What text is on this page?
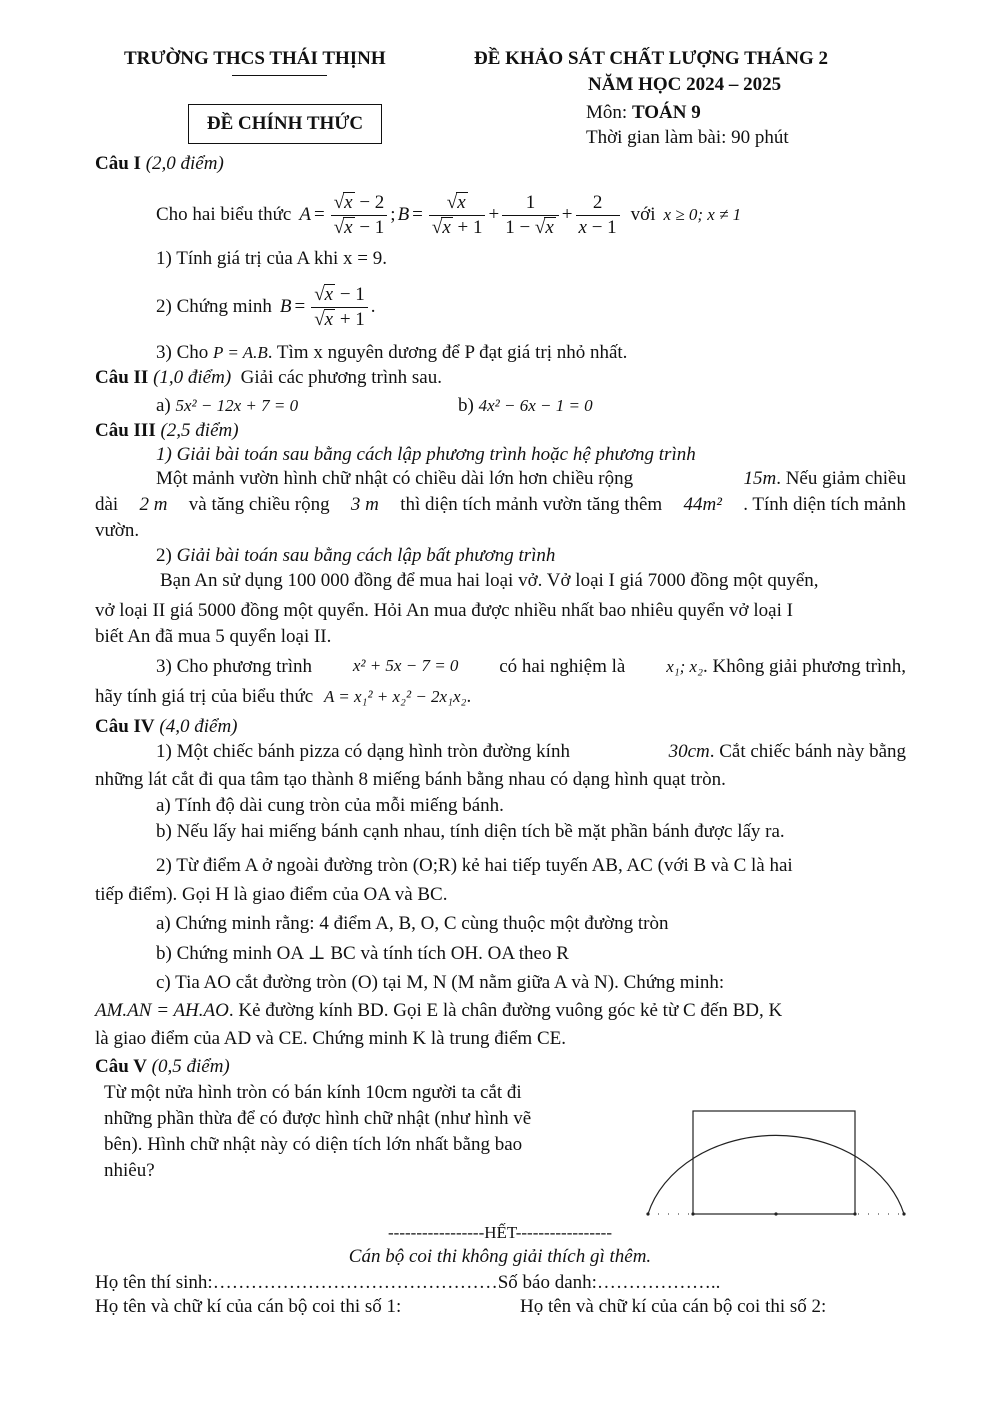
TRƯỜNG THCS THÁI THỊNH	ĐỀ KHẢO SÁT CHẤT LƯỢNG THÁNG 2
NĂM HỌC 2024 – 2025
ĐỀ CHÍNH THỨC
Môn: TOÁN 9
Thời gian làm bài: 90 phút
Câu I (2,0 điểm)
Cho hai biểu thức $A = \frac{√x - 2}{√x - 1}$ ; $B = \frac{√x}{√x + 1} + \frac{1}{1 - √x} + \frac{2}{x - 1}$ với x ≥ 0; x ≠ 1
1) Tính giá trị của A khi x = 9.
2) Chứng minh $B = \frac{√x - 1}{√x + 1}$ .
3) Cho P = A.B. Tìm x nguyên dương để P đạt giá trị nhỏ nhất.
Câu II (1,0 điểm) Giải các phương trình sau.
a) 5x² − 12x + 7 = 0	b) 4x² − 6x − 1 = 0
Câu III (2,5 điểm)
1) Giải bài toán sau bằng cách lập phương trình hoặc hệ phương trình
Một mảnh vườn hình chữ nhật có chiều dài lớn hơn chiều rộng	15m. Nếu giảm chiều
dài 2 m và tăng chiều rộng 3 m thì diện tích mảnh vườn tăng thêm 44m² . Tính diện tích mảnh
vườn.
2) Giải bài toán sau bằng cách lập bất phương trình
Bạn An sử dụng 100 000 đồng để mua hai loại vở. Vở loại I giá 7000 đồng một quyển,
vở loại II giá 5000 đồng một quyển. Hỏi An mua được nhiều nhất bao nhiêu quyển vở loại I
biết An đã mua 5 quyển loại II.
3) Cho phương trình x² + 5x − 7 = 0 có hai nghiệm là x₁; x₂. Không giải phương trình,
hãy tính giá trị của biểu thức A = x₁² + x₂² − 2x₁x₂.
Câu IV (4,0 điểm)
1) Một chiếc bánh pizza có dạng hình tròn đường kính	30cm. Cắt chiếc bánh này bằng
những lát cắt đi qua tâm tạo thành 8 miếng bánh bằng nhau có dạng hình quạt tròn.
a) Tính độ dài cung tròn của mỗi miếng bánh.
b) Nếu lấy hai miếng bánh cạnh nhau, tính diện tích bề mặt phần bánh được lấy ra.
2) Từ điểm A ở ngoài đường tròn (O;R) kẻ hai tiếp tuyến AB, AC (với B và C là hai
tiếp điểm). Gọi H là giao điểm của OA và BC.
a) Chứng minh rằng: 4 điểm A, B, O, C cùng thuộc một đường tròn
b) Chứng minh OA ⊥ BC và tính tích OH. OA theo R
c) Tia AO cắt đường tròn (O) tại M, N (M nằm giữa A và N). Chứng minh:
AM.AN = AH.AO. Kẻ đường kính BD. Gọi E là chân đường vuông góc kẻ từ C đến BD, K
là giao điểm của AD và CE. Chứng minh K là trung điểm CE.
Câu V (0,5 điểm)
Từ một nửa hình tròn có bán kính 10cm người ta cắt đi
những phần thừa để có được hình chữ nhật (như hình vẽ
bên). Hình chữ nhật này có diện tích lớn nhất bằng bao
nhiêu?
-----------------HẾT-----------------
Cán bộ coi thi không giải thích gì thêm.
Họ tên thí sinh:………………………………………Số báo danh:………………..
Họ tên và chữ kí của cán bộ coi thi số 1:	Họ tên và chữ kí của cán bộ coi thi số 2:
